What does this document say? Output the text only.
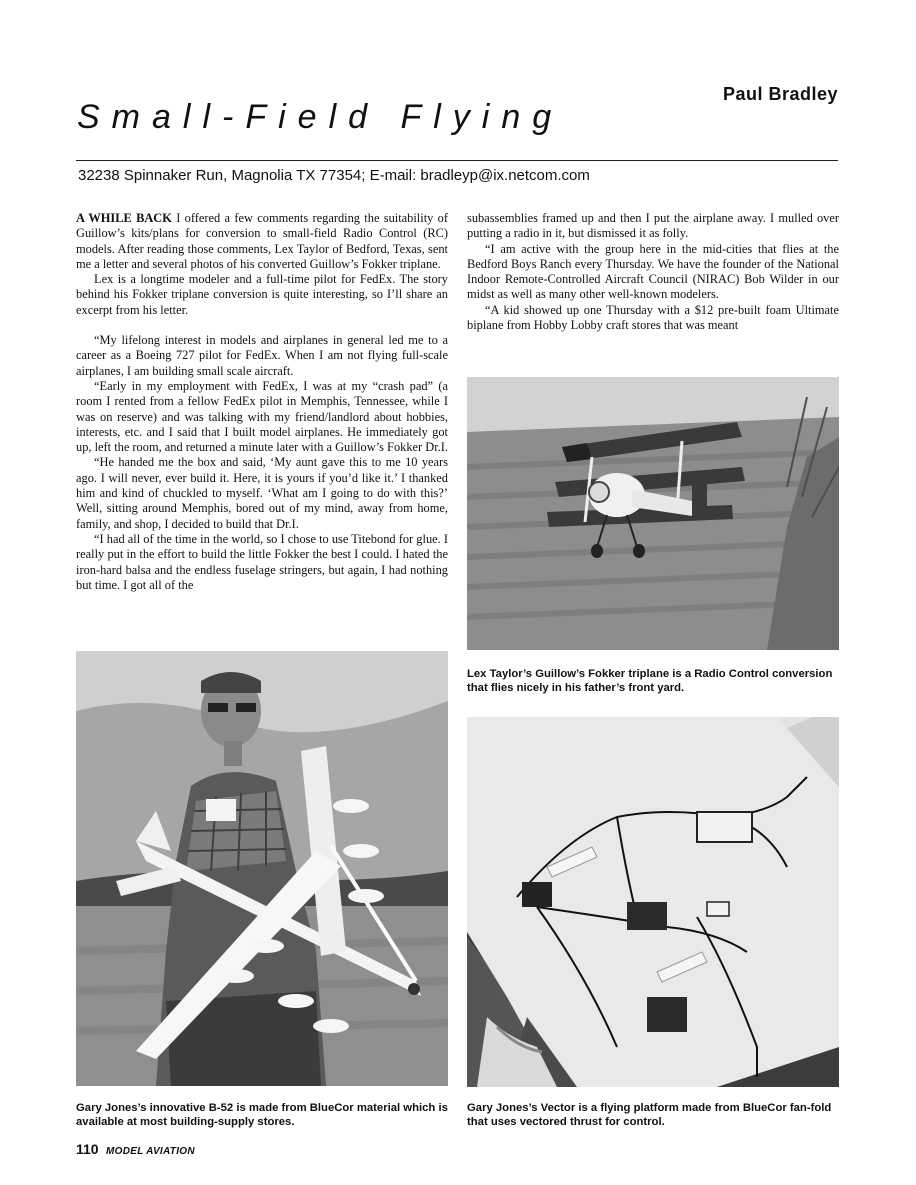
Paul Bradley
Small-Field Flying
32238 Spinnaker Run, Magnolia TX 77354; E-mail: bradleyp@ix.netcom.com

A WHILE BACK I offered a few comments regarding the suitability of Guillow’s kits/plans for conversion to small-field Radio Control (RC) models. After reading those comments, Lex Taylor of Bedford, Texas, sent me a letter and several photos of his converted Guillow’s Fokker triplane.

Lex is a longtime modeler and a full-time pilot for FedEx. The story behind his Fokker triplane conversion is quite interesting, so I’ll share an excerpt from his letter.

“My lifelong interest in models and airplanes in general led me to a career as a Boeing 727 pilot for FedEx. When I am not flying full-scale airplanes, I am building small scale aircraft.

“Early in my employment with FedEx, I was at my “crash pad” (a room I rented from a fellow FedEx pilot in Memphis, Tennessee, while I was on reserve) and was talking with my friend/landlord about hobbies, interests, etc. and I said that I built model airplanes. He immediately got up, left the room, and returned a minute later with a Guillow’s Fokker Dr.I.

“He handed me the box and said, ‘My aunt gave this to me 10 years ago. I will never, ever build it. Here, it is yours if you’d like it.’ I thanked him and kind of chuckled to myself. ‘What am I going to do with this?’ Well, sitting around Memphis, bored out of my mind, away from home, family, and shop, I decided to build that Dr.I.

“I had all of the time in the world, so I chose to use Titebond for glue. I really put in the effort to build the little Fokker the best I could. I hated the iron-hard balsa and the endless fuselage stringers, but again, I had nothing but time. I got all of the

subassemblies framed up and then I put the airplane away. I mulled over putting a radio in it, but dismissed it as folly.

“I am active with the group here in the mid-cities that flies at the Bedford Boys Ranch every Thursday. We have the founder of the National Indoor Remote-Controlled Aircraft Council (NIRAC) Bob Wilder in our midst as well as many other well-known modelers.

“A kid showed up one Thursday with a $12 pre-built foam Ultimate biplane from Hobby Lobby craft stores that was meant

Lex Taylor’s Guillow’s Fokker triplane is a Radio Control conversion that flies nicely in his father’s front yard.
Gary Jones’s innovative B-52 is made from BlueCor material which is available at most building-supply stores.
Gary Jones’s Vector is a flying platform made from BlueCor fan-fold that uses vectored thrust for control.
110 MODEL AVIATION
